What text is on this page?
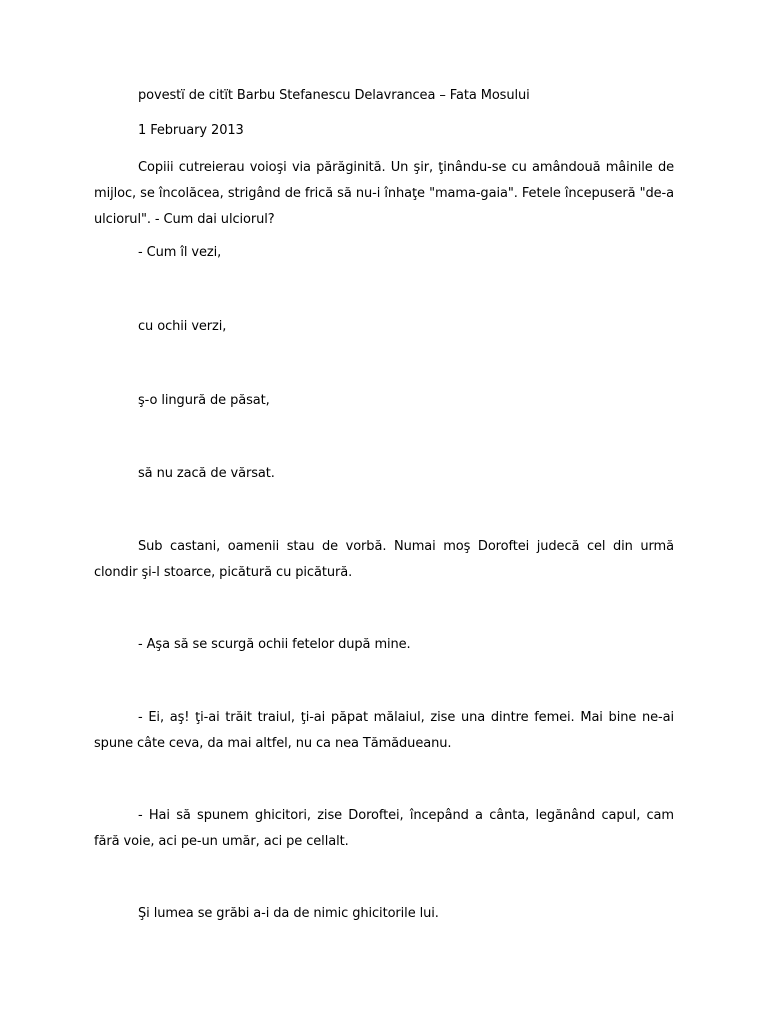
povestї de citїt Barbu Stefanescu Delavrancea – Fata Mosului

1 February 2013

Copiii cutreierau voioşi via părăginită. Un şir, ţinându-se cu amândouă mâinile de mijloc, se încolăcea, strigând de frică să nu-i înhaţe "mama-gaia". Fetele începuseră "de-a ulciorul". - Cum dai ulciorul?

- Cum îl vezi,

cu ochii verzi,

ş-o lingură de păsat,

să nu zacă de vărsat.

Sub castani, oamenii stau de vorbă. Numai moş Doroftei judecă cel din urmă clondir şi-l stoarce, picătură cu picătură.

- Aşa să se scurgă ochii fetelor după mine.

- Ei, aş! ţi-ai trăit traiul, ţi-ai păpat mălaiul, zise una dintre femei. Mai bine ne-ai spune câte ceva, da mai altfel, nu ca nea Tămădueanu.

- Hai să spunem ghicitori, zise Doroftei, începând a cânta, legănând capul, cam fără voie, aci pe-un umăr, aci pe cellalt.

Şi lumea se grăbi a-i da de nimic ghicitorile lui.
